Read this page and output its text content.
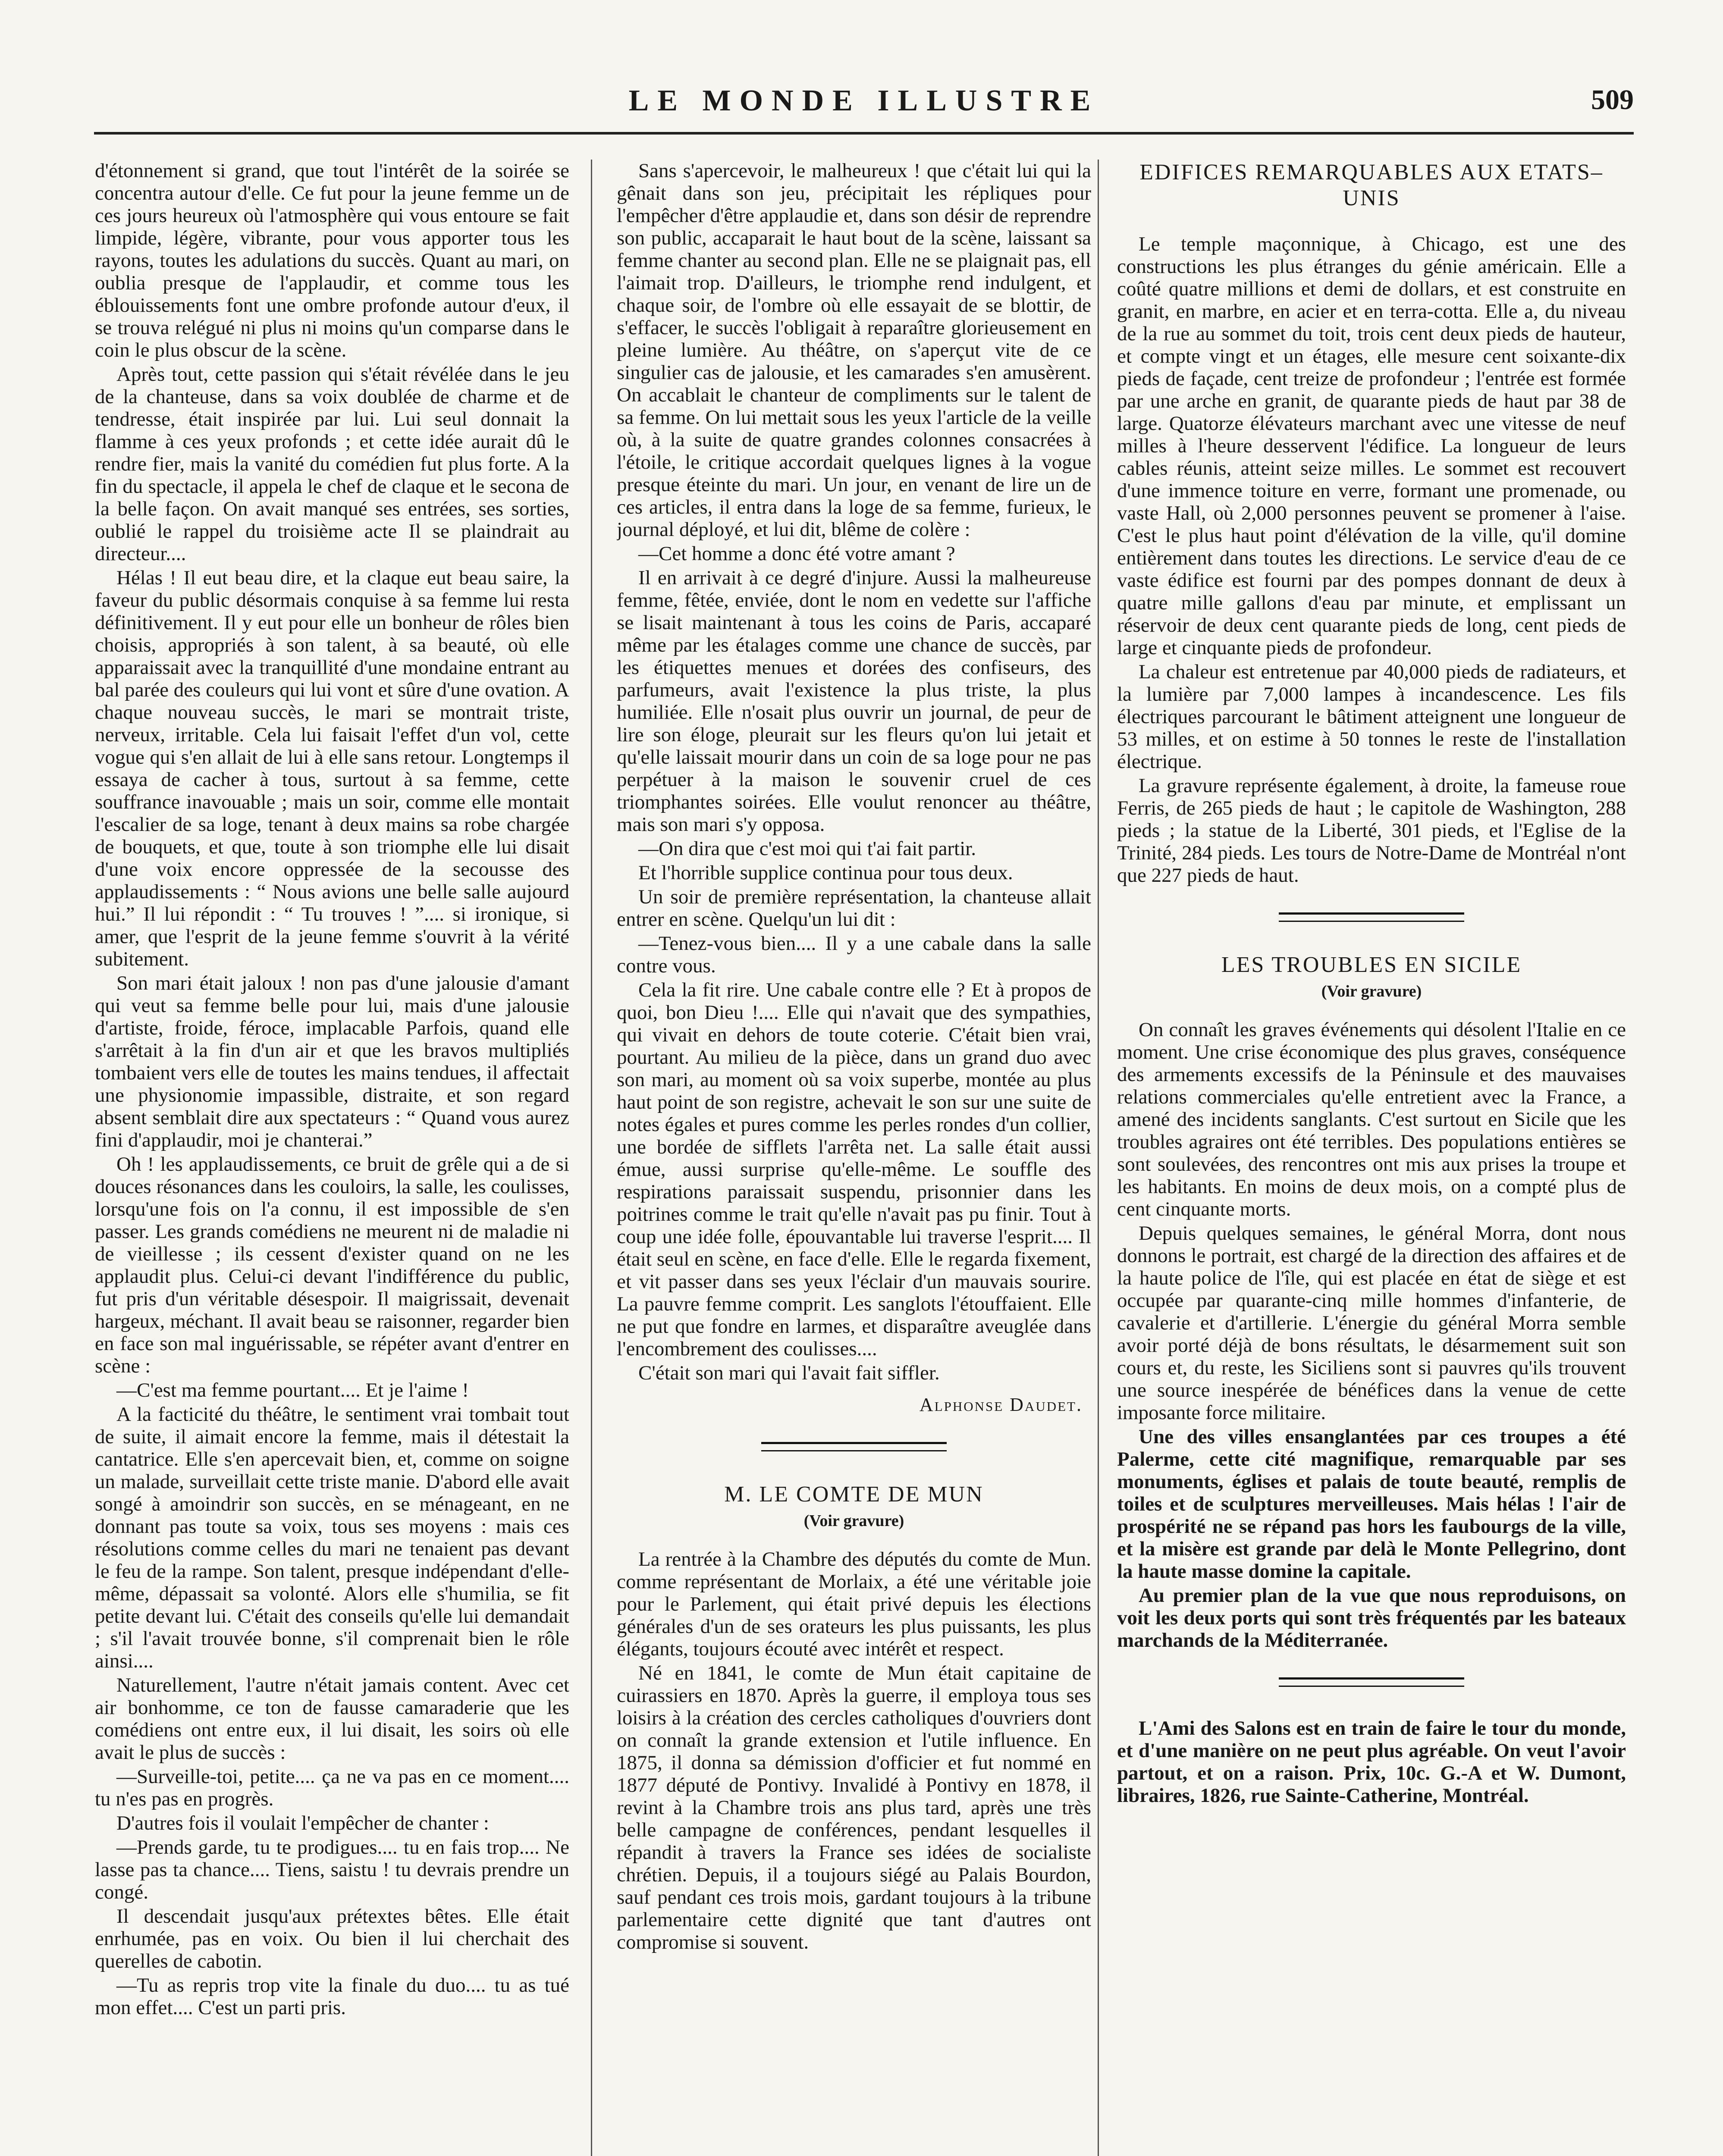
LE MONDE ILLUSTRE	509

d'étonnement si grand, que tout l'intérêt de la soirée se concentra autour d'elle. Ce fut pour la jeune femme un de ces jours heureux où l'atmosphère qui vous entoure se fait limpide, légère, vibrante, pour vous apporter tous les rayons, toutes les adulations du succès. Quant au mari, on oublia presque de l'applaudir, et comme tous les éblouissements font une ombre profonde autour d'eux, il se trouva relégué ni plus ni moins qu'un comparse dans le coin le plus obscur de la scène.

Après tout, cette passion qui s'était révélée dans le jeu de la chanteuse, dans sa voix doublée de charme et de tendresse, était inspirée par lui. Lui seul donnait la flamme à ces yeux profonds ; et cette idée aurait dû le rendre fier, mais la vanité du comédien fut plus forte. A la fin du spectacle, il appela le chef de claque et le secona de la belle façon. On avait manqué ses entrées, ses sorties, oublié le rappel du troisième acte Il se plaindrait au directeur....

Hélas ! Il eut beau dire, et la claque eut beau saire, la faveur du public désormais conquise à sa femme lui resta définitivement. Il y eut pour elle un bonheur de rôles bien choisis, appropriés à son talent, à sa beauté, où elle apparaissait avec la tranquillité d'une mondaine entrant au bal parée des couleurs qui lui vont et sûre d'une ovation. A chaque nouveau succès, le mari se montrait triste, nerveux, irritable. Cela lui faisait l'effet d'un vol, cette vogue qui s'en allait de lui à elle sans retour. Longtemps il essaya de cacher à tous, surtout à sa femme, cette souffrance inavouable ; mais un soir, comme elle montait l'escalier de sa loge, tenant à deux mains sa robe chargée de bouquets, et que, toute à son triomphe elle lui disait d'une voix encore oppressée de la secousse des applaudissements : “ Nous avions une belle salle aujourd hui.” Il lui répondit : “ Tu trouves ! ”.... si ironique, si amer, que l'esprit de la jeune femme s'ouvrit à la vérité subitement.

Son mari était jaloux ! non pas d'une jalousie d'amant qui veut sa femme belle pour lui, mais d'une jalousie d'artiste, froide, féroce, implacable Parfois, quand elle s'arrêtait à la fin d'un air et que les bravos multipliés tombaient vers elle de toutes les mains tendues, il affectait une physionomie impassible, distraite, et son regard absent semblait dire aux spectateurs : “ Quand vous aurez fini d'applaudir, moi je chanterai.”

Oh ! les applaudissements, ce bruit de grêle qui a de si douces résonances dans les couloirs, la salle, les coulisses, lorsqu'une fois on l'a connu, il est impossible de s'en passer. Les grands comédiens ne meurent ni de maladie ni de vieillesse ; ils cessent d'exister quand on ne les applaudit plus. Celui-ci devant l'indifférence du public, fut pris d'un véritable désespoir. Il maigrissait, devenait hargeux, méchant. Il avait beau se raisonner, regarder bien en face son mal inguérissable, se répéter avant d'entrer en scène :

—C'est ma femme pourtant.... Et je l'aime !

A la facticité du théâtre, le sentiment vrai tombait tout de suite, il aimait encore la femme, mais il détestait la cantatrice. Elle s'en apercevait bien, et, comme on soigne un malade, surveillait cette triste manie. D'abord elle avait songé à amoindrir son succès, en se ménageant, en ne donnant pas toute sa voix, tous ses moyens : mais ces résolutions comme celles du mari ne tenaient pas devant le feu de la rampe. Son talent, presque indépendant d'elle-même, dépassait sa volonté. Alors elle s'humilia, se fit petite devant lui. C'était des conseils qu'elle lui demandait ; s'il l'avait trouvée bonne, s'il comprenait bien le rôle ainsi....

Naturellement, l'autre n'était jamais content. Avec cet air bonhomme, ce ton de fausse camaraderie que les comédiens ont entre eux, il lui disait, les soirs où elle avait le plus de succès :

—Surveille-toi, petite.... ça ne va pas en ce moment.... tu n'es pas en progrès.

D'autres fois il voulait l'empêcher de chanter :

—Prends garde, tu te prodigues.... tu en fais trop.... Ne lasse pas ta chance.... Tiens, saistu ! tu devrais prendre un congé.

Il descendait jusqu'aux prétextes bêtes. Elle était enrhumée, pas en voix. Ou bien il lui cherchait des querelles de cabotin.

—Tu as repris trop vite la finale du duo.... tu as tué mon effet.... C'est un parti pris.

Sans s'apercevoir, le malheureux ! que c'était lui qui la gênait dans son jeu, précipitait les répliques pour l'empêcher d'être applaudie et, dans son désir de reprendre son public, accaparait le haut bout de la scène, laissant sa femme chanter au second plan. Elle ne se plaignait pas, ell l'aimait trop. D'ailleurs, le triomphe rend indulgent, et chaque soir, de l'ombre où elle essayait de se blottir, de s'effacer, le succès l'obligait à reparaître glorieusement en pleine lumière. Au théâtre, on s'aperçut vite de ce singulier cas de jalousie, et les camarades s'en amusèrent. On accablait le chanteur de compliments sur le talent de sa femme. On lui mettait sous les yeux l'article de la veille où, à la suite de quatre grandes colonnes consacrées à l'étoile, le critique accordait quelques lignes à la vogue presque éteinte du mari. Un jour, en venant de lire un de ces articles, il entra dans la loge de sa femme, furieux, le journal déployé, et lui dit, blême de colère :

—Cet homme a donc été votre amant ?

Il en arrivait à ce degré d'injure. Aussi la malheureuse femme, fêtée, enviée, dont le nom en vedette sur l'affiche se lisait maintenant à tous les coins de Paris, accaparé même par les étalages comme une chance de succès, par les étiquettes menues et dorées des confiseurs, des parfumeurs, avait l'existence la plus triste, la plus humiliée. Elle n'osait plus ouvrir un journal, de peur de lire son éloge, pleurait sur les fleurs qu'on lui jetait et qu'elle laissait mourir dans un coin de sa loge pour ne pas perpétuer à la maison le souvenir cruel de ces triomphantes soirées. Elle voulut renoncer au théâtre, mais son mari s'y opposa.

—On dira que c'est moi qui t'ai fait partir.

Et l'horrible supplice continua pour tous deux.

Un soir de première représentation, la chanteuse allait entrer en scène. Quelqu'un lui dit :

—Tenez-vous bien.... Il y a une cabale dans la salle contre vous.

Cela la fit rire. Une cabale contre elle ? Et à propos de quoi, bon Dieu !.... Elle qui n'avait que des sympathies, qui vivait en dehors de toute coterie. C'était bien vrai, pourtant. Au milieu de la pièce, dans un grand duo avec son mari, au moment où sa voix superbe, montée au plus haut point de son registre, achevait le son sur une suite de notes égales et pures comme les perles rondes d'un collier, une bordée de sifflets l'arrêta net. La salle était aussi émue, aussi surprise qu'elle-même. Le souffle des respirations paraissait suspendu, prisonnier dans les poitrines comme le trait qu'elle n'avait pas pu finir. Tout à coup une idée folle, épouvantable lui traverse l'esprit.... Il était seul en scène, en face d'elle. Elle le regarda fixement, et vit passer dans ses yeux l'éclair d'un mauvais sourire. La pauvre femme comprit. Les sanglots l'étouffaient. Elle ne put que fondre en larmes, et disparaître aveuglée dans l'encombrement des coulisses....

C'était son mari qui l'avait fait siffler.

Alphonse Daudet.
M. LE COMTE DE MUN
(Voir gravure)

La rentrée à la Chambre des députés du comte de Mun. comme représentant de Morlaix, a été une véritable joie pour le Parlement, qui était privé depuis les élections générales d'un de ses orateurs les plus puissants, les plus élégants, toujours écouté avec intérêt et respect.

Né en 1841, le comte de Mun était capitaine de cuirassiers en 1870. Après la guerre, il employa tous ses loisirs à la création des cercles catholiques d'ouvriers dont on connaît la grande extension et l'utile influence. En 1875, il donna sa démission d'officier et fut nommé en 1877 député de Pontivy. Invalidé à Pontivy en 1878, il revint à la Chambre trois ans plus tard, après une très belle campagne de conférences, pendant lesquelles il répandit à travers la France ses idées de socialiste chrétien. Depuis, il a toujours siégé au Palais Bourdon, sauf pendant ces trois mois, gardant toujours à la tribune parlementaire cette dignité que tant d'autres ont compromise si souvent.

EDIFICES REMARQUABLES AUX ETATS–UNIS

Le temple maçonnique, à Chicago, est une des constructions les plus étranges du génie américain. Elle a coûté quatre millions et demi de dollars, et est construite en granit, en marbre, en acier et en terra-cotta. Elle a, du niveau de la rue au sommet du toit, trois cent deux pieds de hauteur, et compte vingt et un étages, elle mesure cent soixante-dix pieds de façade, cent treize de profondeur ; l'entrée est formée par une arche en granit, de quarante pieds de haut par 38 de large. Quatorze élévateurs marchant avec une vitesse de neuf milles à l'heure desservent l'édifice. La longueur de leurs cables réunis, atteint seize milles. Le sommet est recouvert d'une immence toiture en verre, formant une promenade, ou vaste Hall, où 2,000 personnes peuvent se promener à l'aise. C'est le plus haut point d'élévation de la ville, qu'il domine entièrement dans toutes les directions. Le service d'eau de ce vaste édifice est fourni par des pompes donnant de deux à quatre mille gallons d'eau par minute, et emplissant un réservoir de deux cent quarante pieds de long, cent pieds de large et cinquante pieds de profondeur.

La chaleur est entretenue par 40,000 pieds de radiateurs, et la lumière par 7,000 lampes à incandescence. Les fils électriques parcourant le bâtiment atteignent une longueur de 53 milles, et on estime à 50 tonnes le reste de l'installation électrique.

La gravure représente également, à droite, la fameuse roue Ferris, de 265 pieds de haut ; le capitole de Washington, 288 pieds ; la statue de la Liberté, 301 pieds, et l'Eglise de la Trinité, 284 pieds. Les tours de Notre-Dame de Montréal n'ont que 227 pieds de haut.

LES TROUBLES EN SICILE
(Voir gravure)

On connaît les graves événements qui désolent l'Italie en ce moment. Une crise économique des plus graves, conséquence des armements excessifs de la Péninsule et des mauvaises relations commerciales qu'elle entretient avec la France, a amené des incidents sanglants. C'est surtout en Sicile que les troubles agraires ont été terribles. Des populations entières se sont soulevées, des rencontres ont mis aux prises la troupe et les habitants. En moins de deux mois, on a compté plus de cent cinquante morts.

Depuis quelques semaines, le général Morra, dont nous donnons le portrait, est chargé de la direction des affaires et de la haute police de l'île, qui est placée en état de siège et est occupée par quarante-cinq mille hommes d'infanterie, de cavalerie et d'artillerie. L'énergie du général Morra semble avoir porté déjà de bons résultats, le désarmement suit son cours et, du reste, les Siciliens sont si pauvres qu'ils trouvent une source inespérée de bénéfices dans la venue de cette imposante force militaire.

Une des villes ensanglantées par ces troupes a été Palerme, cette cité magnifique, remarquable par ses monuments, églises et palais de toute beauté, remplis de toiles et de sculptures merveilleuses. Mais hélas ! l'air de prospérité ne se répand pas hors les faubourgs de la ville, et la misère est grande par delà le Monte Pellegrino, dont la haute masse domine la capitale.

Au premier plan de la vue que nous reproduisons, on voit les deux ports qui sont très fréquentés par les bateaux marchands de la Méditerranée.

L'Ami des Salons est en train de faire le tour du monde, et d'une manière on ne peut plus agréable. On veut l'avoir partout, et on a raison. Prix, 10c. G.-A et W. Dumont, libraires, 1826, rue Sainte-Catherine, Montréal.
